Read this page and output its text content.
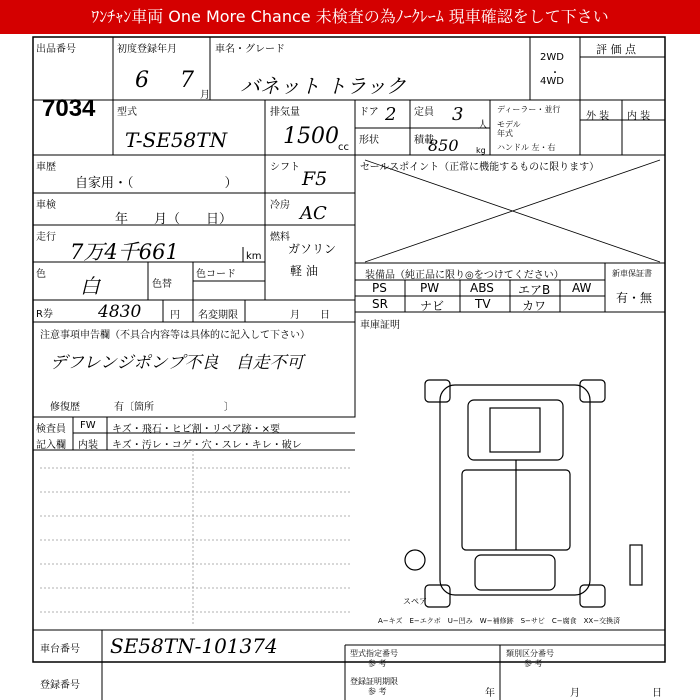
ﾜﾝﾁｬﾝ車両 One More Chance 未検査の為ﾉｰｸﾚｰﾑ 現車確認をして下さい
出品番号
7034
初度登録年月
6 7
月
車名・グレード
バネット トラック
2WD
・
4WD
評 価 点
外 装 内 装
型式
T-SE58TN
排気量
1500 cc
ドア 2 定員 3
人
形状	積載
850 kg
ディーラー・並行
モデル年式
ハンドル 左・右
車歴
自家用・（　　　　　　　）
車検
年　　月（　　日）
走行
7万4千661	km
色 白	色替
色コード
シフト
F5
冷房 AC
燃料
ガソリン
軽 油
セールスポイント（正常に機能するものに限ります）
装備品（純正品に限り◎をつけてください）
PS	PW	ABS エアB AW
SR	ナビ	TV	カワ
新車保証書
有・無
R券	4830	円 名変期限	月　　日
車庫証明
注意事項申告欄（不具合内容等は具体的に記入して下さい）
デフレンジポンプ不良　自走不可
修復歴	有〔箇所　　　　　　　〕
検査員
記入欄
FW キズ・飛石・ヒビ割・リペア跡・×要
内装 キズ・汚レ・コゲ・穴・スレ・キレ・破レ
スペア
A−キズ　E−エクボ　U−凹み　W−補修跡　S−サビ　C−腐食　XX−交換済
車台番号 SE58TN-101374
登録番号
型式指定番号
参 考
類別区分番号
参 考
登録証明期限
参 考	年	月	日
